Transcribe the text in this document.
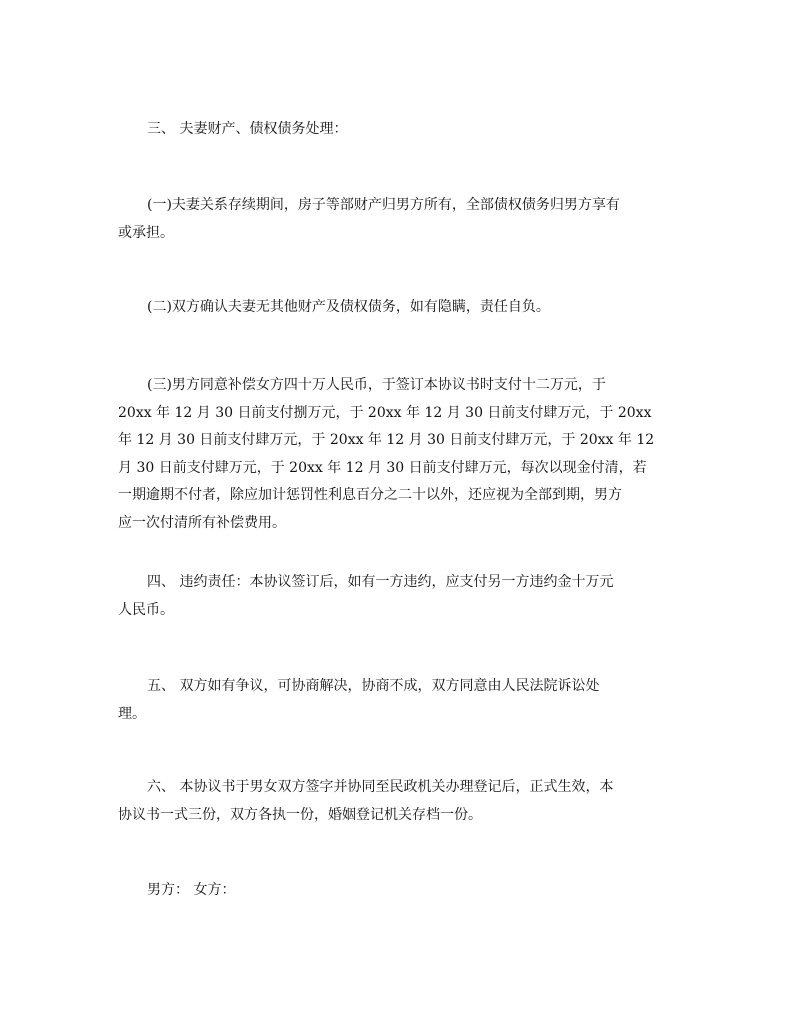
三、 夫妻财产、债权债务处理：

(一)夫妻关系存续期间，房子等部财产归男方所有，全部债权债务归男方享有
或承担。

(二)双方确认夫妻无其他财产及债权债务，如有隐瞒，责任自负。

(三)男方同意补偿女方四十万人民币，于签订本协议书时支付十二万元，于
20xx 年 12 月 30 日前支付捌万元，于 20xx 年 12 月 30 日前支付肆万元，于 20xx
年 12 月 30 日前支付肆万元，于 20xx 年 12 月 30 日前支付肆万元，于 20xx 年 12
月 30 日前支付肆万元，于 20xx 年 12 月 30 日前支付肆万元，每次以现金付清，若
一期逾期不付者，除应加计惩罚性利息百分之二十以外，还应视为全部到期，男方
应一次付清所有补偿费用。

四、 违约责任：本协议签订后，如有一方违约，应支付另一方违约金十万元
人民币。

五、 双方如有争议，可协商解决，协商不成，双方同意由人民法院诉讼处
理。

六、 本协议书于男女双方签字并协同至民政机关办理登记后，正式生效，本
协议书一式三份，双方各执一份，婚姻登记机关存档一份。

男方： 女方：
